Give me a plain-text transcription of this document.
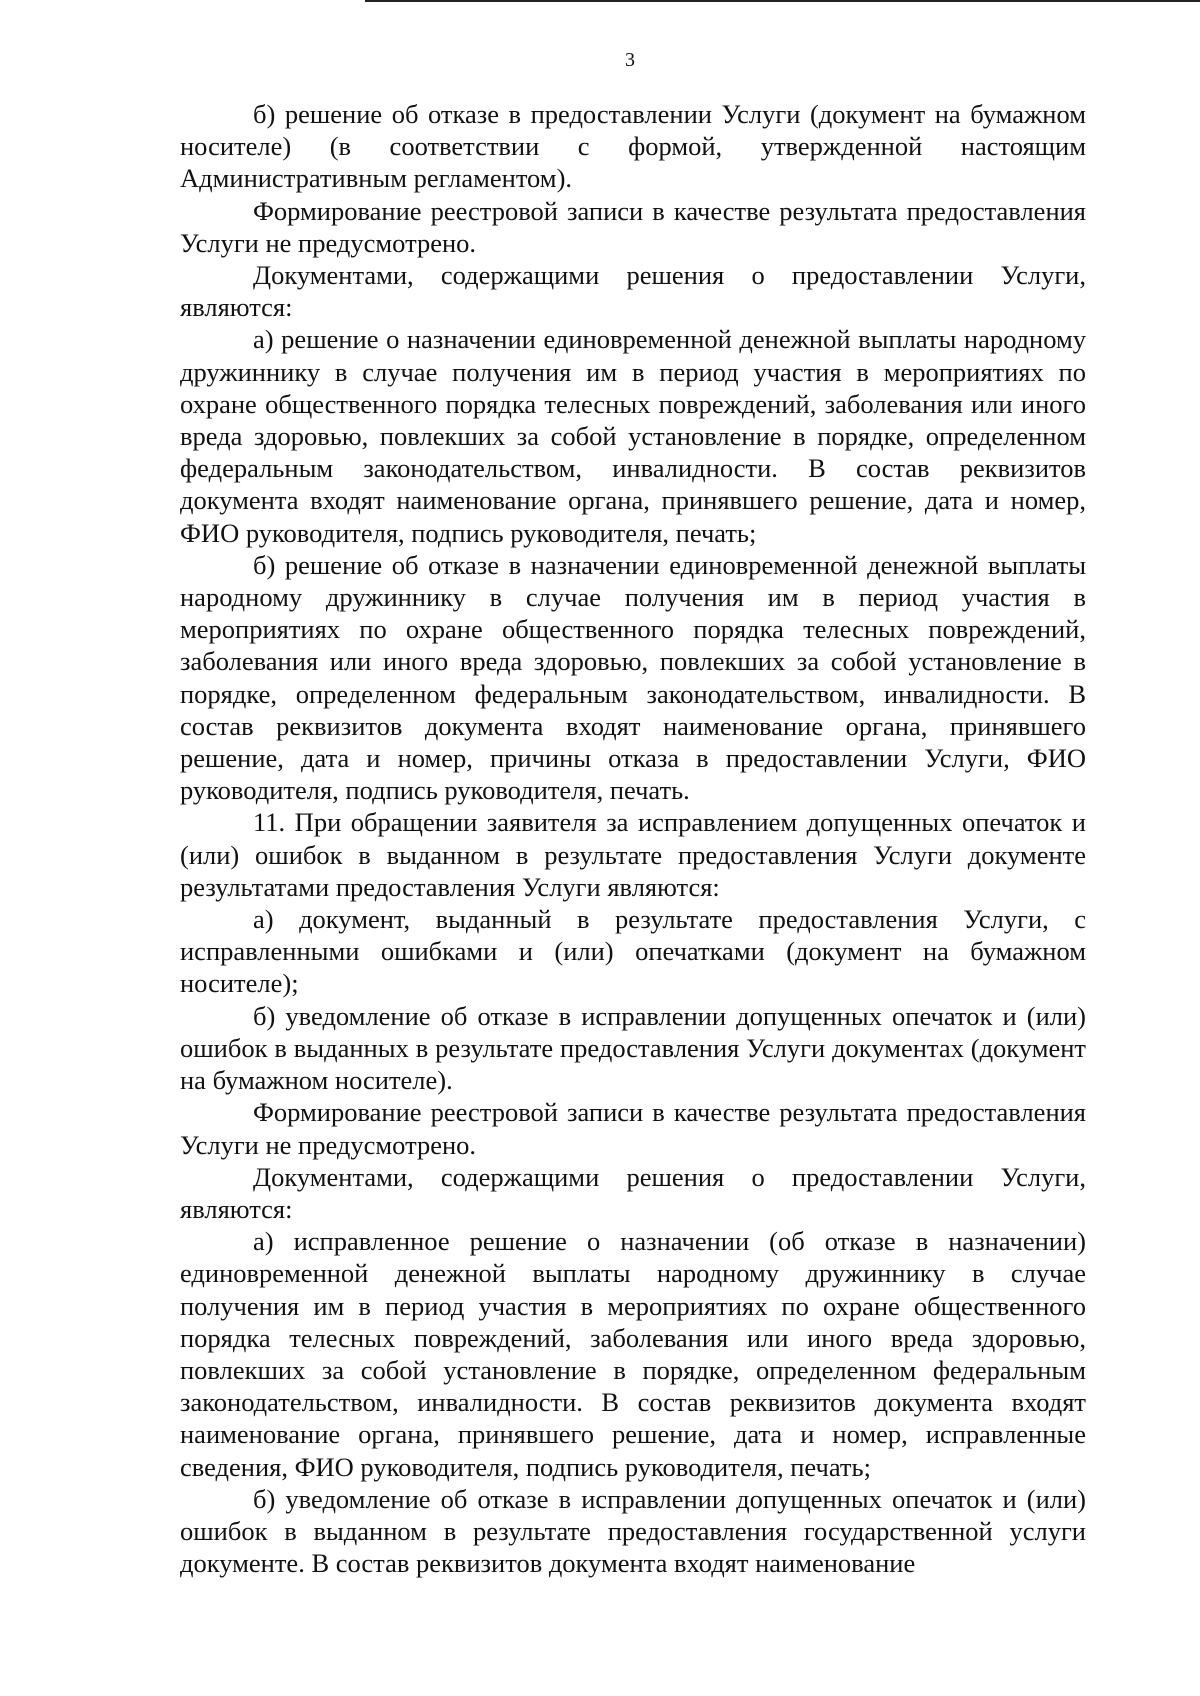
3

б) решение об отказе в предоставлении Услуги (документ на бумажном носителе) (в соответствии с формой, утвержденной настоящим Административным регламентом).

Формирование реестровой записи в качестве результата предоставления Услуги не предусмотрено.

Документами, содержащими решения о предоставлении Услуги, являются:

а) решение о назначении единовременной денежной выплаты народному дружиннику в случае получения им в период участия в мероприятиях по охране общественного порядка телесных повреждений, заболевания или иного вреда здоровью, повлекших за собой установление в порядке, определенном федеральным законодательством, инвалидности. В состав реквизитов документа входят наименование органа, принявшего решение, дата и номер, ФИО руководителя, подпись руководителя, печать;

б) решение об отказе в назначении единовременной денежной выплаты народному дружиннику в случае получения им в период участия в мероприятиях по охране общественного порядка телесных повреждений, заболевания или иного вреда здоровью, повлекших за собой установление в порядке, определенном федеральным законодательством, инвалидности. В состав реквизитов документа входят наименование органа, принявшего решение, дата и номер, причины отказа в предоставлении Услуги, ФИО руководителя, подпись руководителя, печать.

11. При обращении заявителя за исправлением допущенных опечаток и (или) ошибок в выданном в результате предоставления Услуги документе результатами предоставления Услуги являются:

а) документ, выданный в результате предоставления Услуги, с исправленными ошибками и (или) опечатками (документ на бумажном носителе);

б) уведомление об отказе в исправлении допущенных опечаток и (или) ошибок в выданных в результате предоставления Услуги документах (документ на бумажном носителе).

Формирование реестровой записи в качестве результата предоставления Услуги не предусмотрено.

Документами, содержащими решения о предоставлении Услуги, являются:

а) исправленное решение о назначении (об отказе в назначении) единовременной денежной выплаты народному дружиннику в случае получения им в период участия в мероприятиях по охране общественного порядка телесных повреждений, заболевания или иного вреда здоровью, повлекших за собой установление в порядке, определенном федеральным законодательством, инвалидности. В состав реквизитов документа входят наименование органа, принявшего решение, дата и номер, исправленные сведения, ФИО руководителя, подпись руководителя, печать;

б) уведомление об отказе в исправлении допущенных опечаток и (или) ошибок в выданном в результате предоставления государственной услуги документе. В состав реквизитов документа входят наименование
